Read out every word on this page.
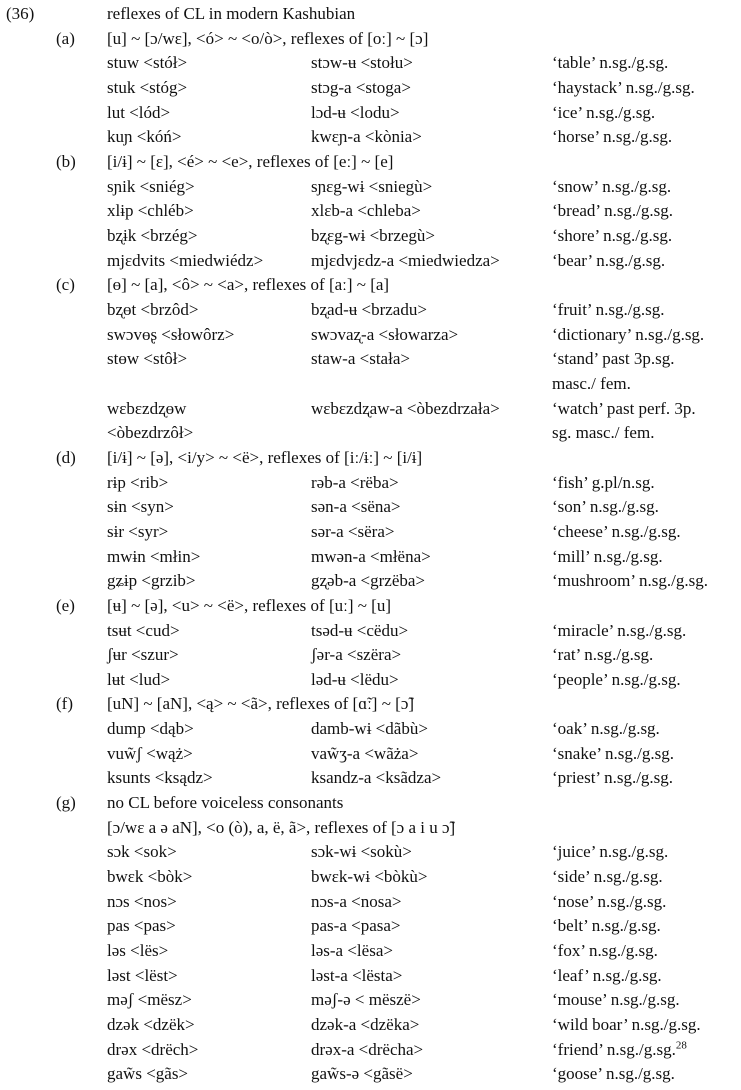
(36)	reflexes of CL in modern Kashubian
(a) [u] ~ [ɔ/wɛ], <ó> ~ <o/ò>, reflexes of [oː] ~ [ɔ]
stuw <stół>	stɔw-ʉ <stołu>	‘table’ n.sg./g.sg.
stuk <stóg>	stɔg-a <stoga>	‘haystack’ n.sg./g.sg.
lut <lód>	lɔd-ʉ <lodu>	‘ice’ n.sg./g.sg.
kuɲ <kóń>	kwɛɲ-a <kònia>	‘horse’ n.sg./g.sg.
(b) [i/ɨ] ~ [ɛ], <é> ~ <e>, reflexes of [eː] ~ [e]
sɲik <sniég>	sɲɛg-wɨ <sniegù>	‘snow’ n.sg./g.sg.
xlɨp <chléb>	xlɛb-a <chleba>	‘bread’ n.sg./g.sg.
bʐɨk <brzég>	bʐɛg-wɨ <brzegù>	‘shore’ n.sg./g.sg.
mjɛdvits <miedwiédz>	mjɛdvjɛdz-a <miedwiedza>	‘bear’ n.sg./g.sg.
(c) [ɵ] ~ [a], <ô> ~ <a>, reflexes of [aː] ~ [a]
bʐɵt <brzôd>	bʐad-ʉ <brzadu>	‘fruit’ n.sg./g.sg.
swɔvɵʂ <słowôrz>	swɔvaʐ-a <słowarza>	‘dictionary’ n.sg./g.sg.
stɵw <stôł>	staw-a <stała>	‘stand’ past 3p.sg.
masc./ fem.
wɛbɛzdʐɵw	wɛbɛzdʐaw-a <òbezdrzała>	‘watch’ past perf. 3p.
<òbezdrzôł>	sg. masc./ fem.
(d) [i/ɨ] ~ [ə], <i/y> ~ <ë>, reflexes of [iː/ɨː] ~ [i/ɨ]
rɨp <rib>	rəb-a <rëba>	‘fish’ g.pl/n.sg.
sɨn <syn>	sən-a <sëna>	‘son’ n.sg./g.sg.
sɨr <syr>	sər-a <sëra>	‘cheese’ n.sg./g.sg.
mwɨn <młin>	mwən-a <młëna>	‘mill’ n.sg./g.sg.
gʑɨp <grzib>	gʐəb-a <grzëba>	‘mushroom’ n.sg./g.sg.
(e) [ʉ] ~ [ə], <u> ~ <ë>, reflexes of [uː] ~ [u]
tsʉt <cud>	tsəd-ʉ <cëdu>	‘miracle’ n.sg./g.sg.
ʃʉr <szur>	ʃər-a <szëra>	‘rat’ n.sg./g.sg.
lʉt <lud>	ləd-ʉ <lëdu>	‘people’ n.sg./g.sg.
(f) [uN] ~ [aN], <ą> ~ <ã>, reflexes of [ɑ̃ː] ~ [ɔ̃]
dump <dąb>	damb-wɨ <dãbù>	‘oak’ n.sg./g.sg.
vuw̃ʃ <wąż>	vaw̃ʒ-a <wãża>	‘snake’ n.sg./g.sg.
ksunts <ksądz>	ksandz-a <ksãdza>	‘priest’ n.sg./g.sg.
(g) no CL before voiceless consonants
[ɔ/wɛ a ə aN], <o (ò), a, ë, ã>, reflexes of [ɔ a i u ɔ̃]
sɔk <sok>	sɔk-wɨ <sokù>	‘juice’ n.sg./g.sg.
bwɛk <bòk>	bwɛk-wɨ <bòkù>	‘side’ n.sg./g.sg.
nɔs <nos>	nɔs-a <nosa>	‘nose’ n.sg./g.sg.
pas <pas>	pas-a <pasa>	‘belt’ n.sg./g.sg.
ləs <lës>	ləs-a <lësa>	‘fox’ n.sg./g.sg.
ləst <lëst>	ləst-a <lësta>	‘leaf’ n.sg./g.sg.
məʃ <mësz>	məʃ-ə < mëszë>	‘mouse’ n.sg./g.sg.
dzək <dzëk>	dzək-a <dzëka>	‘wild boar’ n.sg./g.sg.
drəx <drëch>	drəx-a <drëcha>	‘friend’ n.sg./g.sg.$^{28}$
gaw̃s <gãs>	gaw̃s-ə <gãsë>	‘goose’ n.sg./g.sg.
